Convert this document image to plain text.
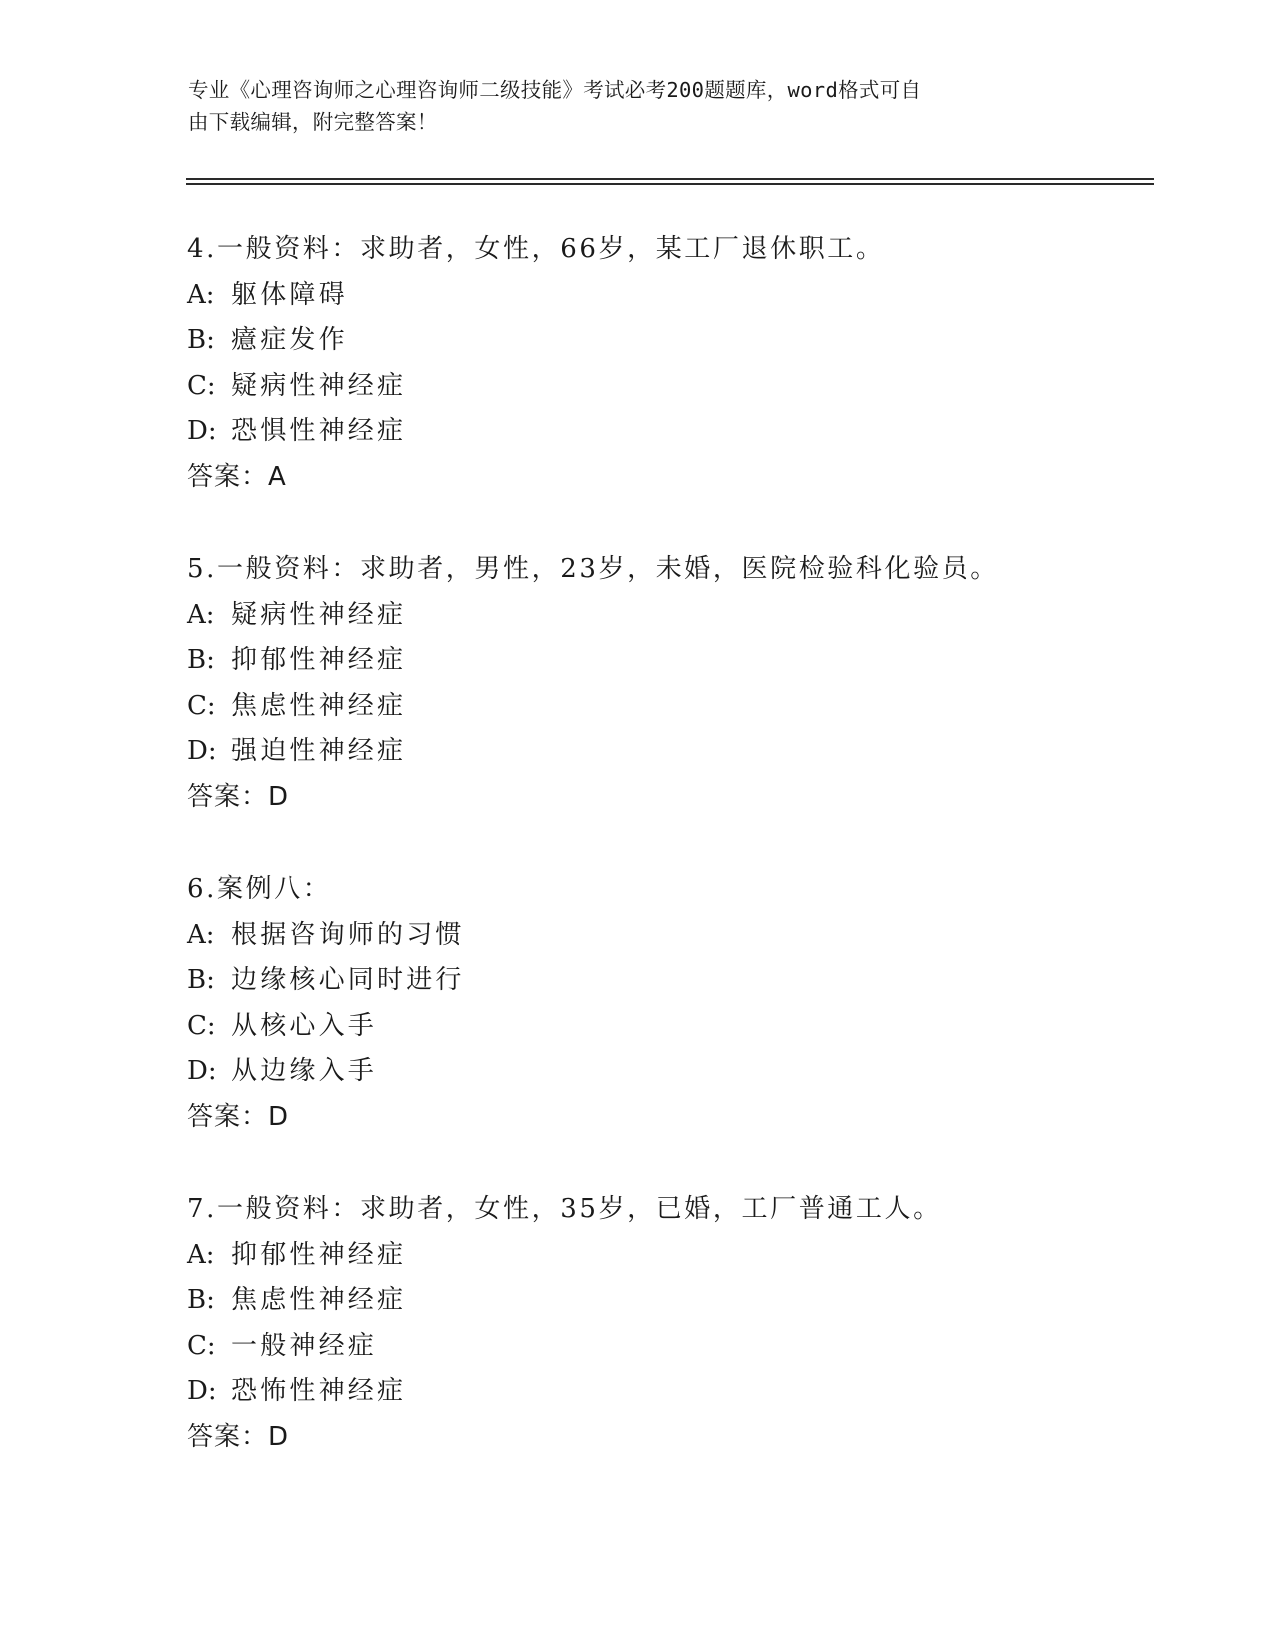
专业《心理咨询师之心理咨询师二级技能》考试必考200题题库，word格式可自
由下载编辑，附完整答案！
4.一般资料：求助者，女性，66岁，某工厂退休职工。
A: 躯体障碍
B: 癔症发作
C: 疑病性神经症
D: 恐惧性神经症
答案：A
5.一般资料：求助者，男性，23岁，未婚，医院检验科化验员。
A: 疑病性神经症
B: 抑郁性神经症
C: 焦虑性神经症
D: 强迫性神经症
答案：D
6.案例八：
A: 根据咨询师的习惯
B: 边缘核心同时进行
C: 从核心入手
D: 从边缘入手
答案：D
7.一般资料：求助者，女性，35岁，已婚，工厂普通工人。
A: 抑郁性神经症
B: 焦虑性神经症
C: 一般神经症
D: 恐怖性神经症
答案：D
